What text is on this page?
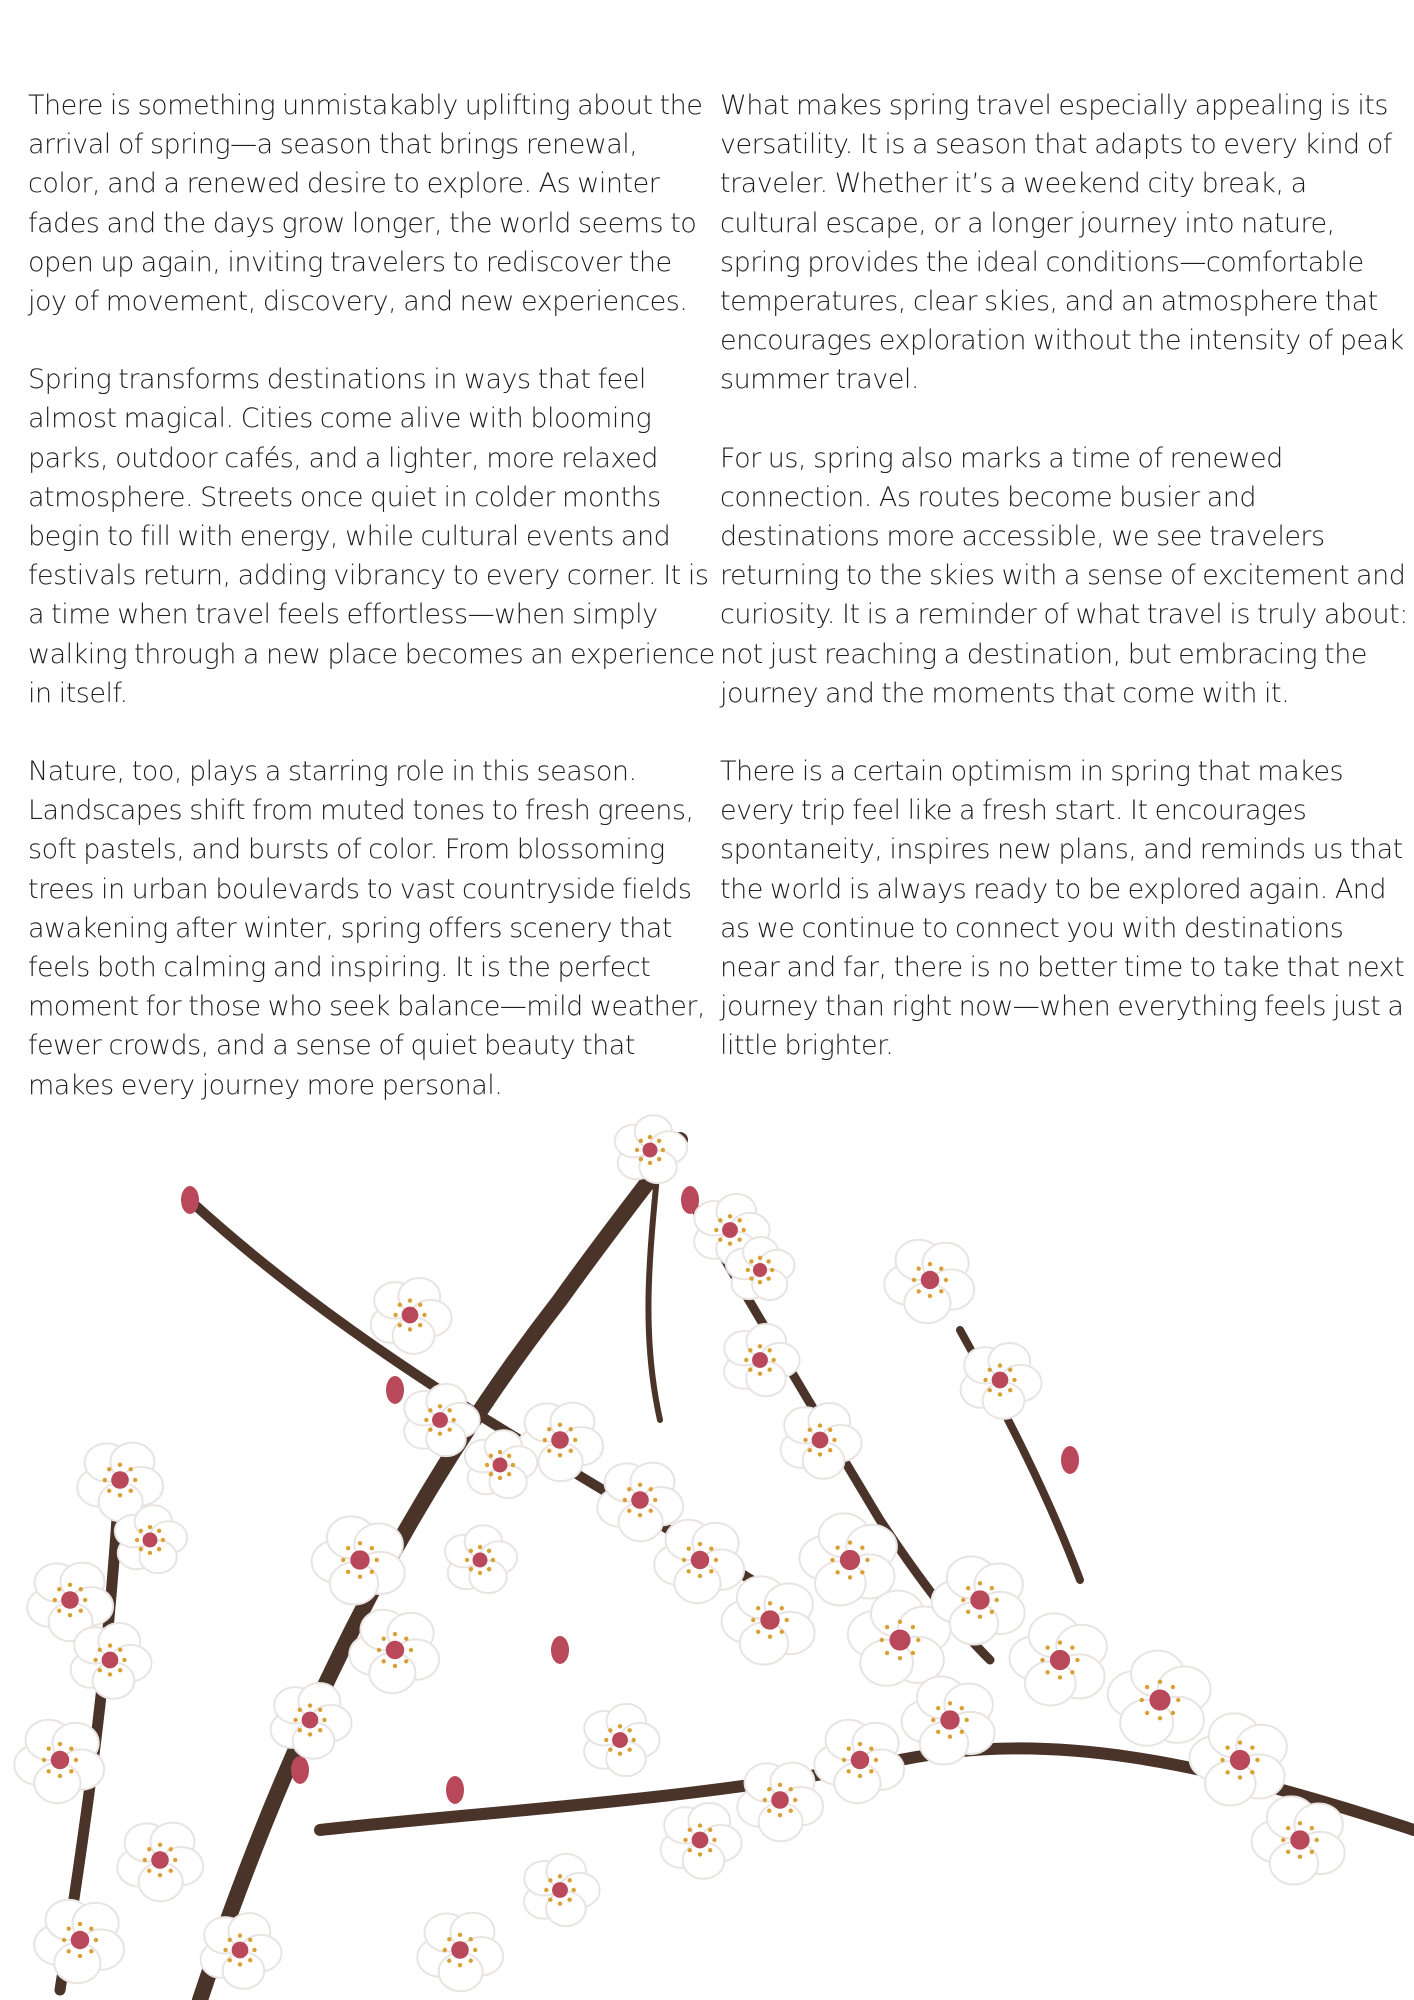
There is something unmistakably uplifting about the arrival of spring—a season that brings renewal, color, and a renewed desire to explore. As winter fades and the days grow longer, the world seems to open up again, inviting travelers to rediscover the joy of movement, discovery, and new experiences.

Spring transforms destinations in ways that feel almost magical. Cities come alive with blooming parks, outdoor cafés, and a lighter, more relaxed atmosphere. Streets once quiet in colder months begin to fill with energy, while cultural events and festivals return, adding vibrancy to every corner. It is a time when travel feels effortless—when simply walking through a new place becomes an experience in itself.

Nature, too, plays a starring role in this season. Landscapes shift from muted tones to fresh greens, soft pastels, and bursts of color. From blossoming trees in urban boulevards to vast countryside fields awakening after winter, spring offers scenery that feels both calming and inspiring. It is the perfect moment for those who seek balance—mild weather, fewer crowds, and a sense of quiet beauty that makes every journey more personal.

What makes spring travel especially appealing is its versatility. It is a season that adapts to every kind of traveler. Whether it’s a weekend city break, a cultural escape, or a longer journey into nature, spring provides the ideal conditions—comfortable temperatures, clear skies, and an atmosphere that encourages exploration without the intensity of peak summer travel.

For us, spring also marks a time of renewed connection. As routes become busier and destinations more accessible, we see travelers returning to the skies with a sense of excitement and curiosity. It is a reminder of what travel is truly about: not just reaching a destination, but embracing the journey and the moments that come with it.

There is a certain optimism in spring that makes every trip feel like a fresh start. It encourages spontaneity, inspires new plans, and reminds us that the world is always ready to be explored again. And as we continue to connect you with destinations near and far, there is no better time to take that next journey than right now—when everything feels just a little brighter.
